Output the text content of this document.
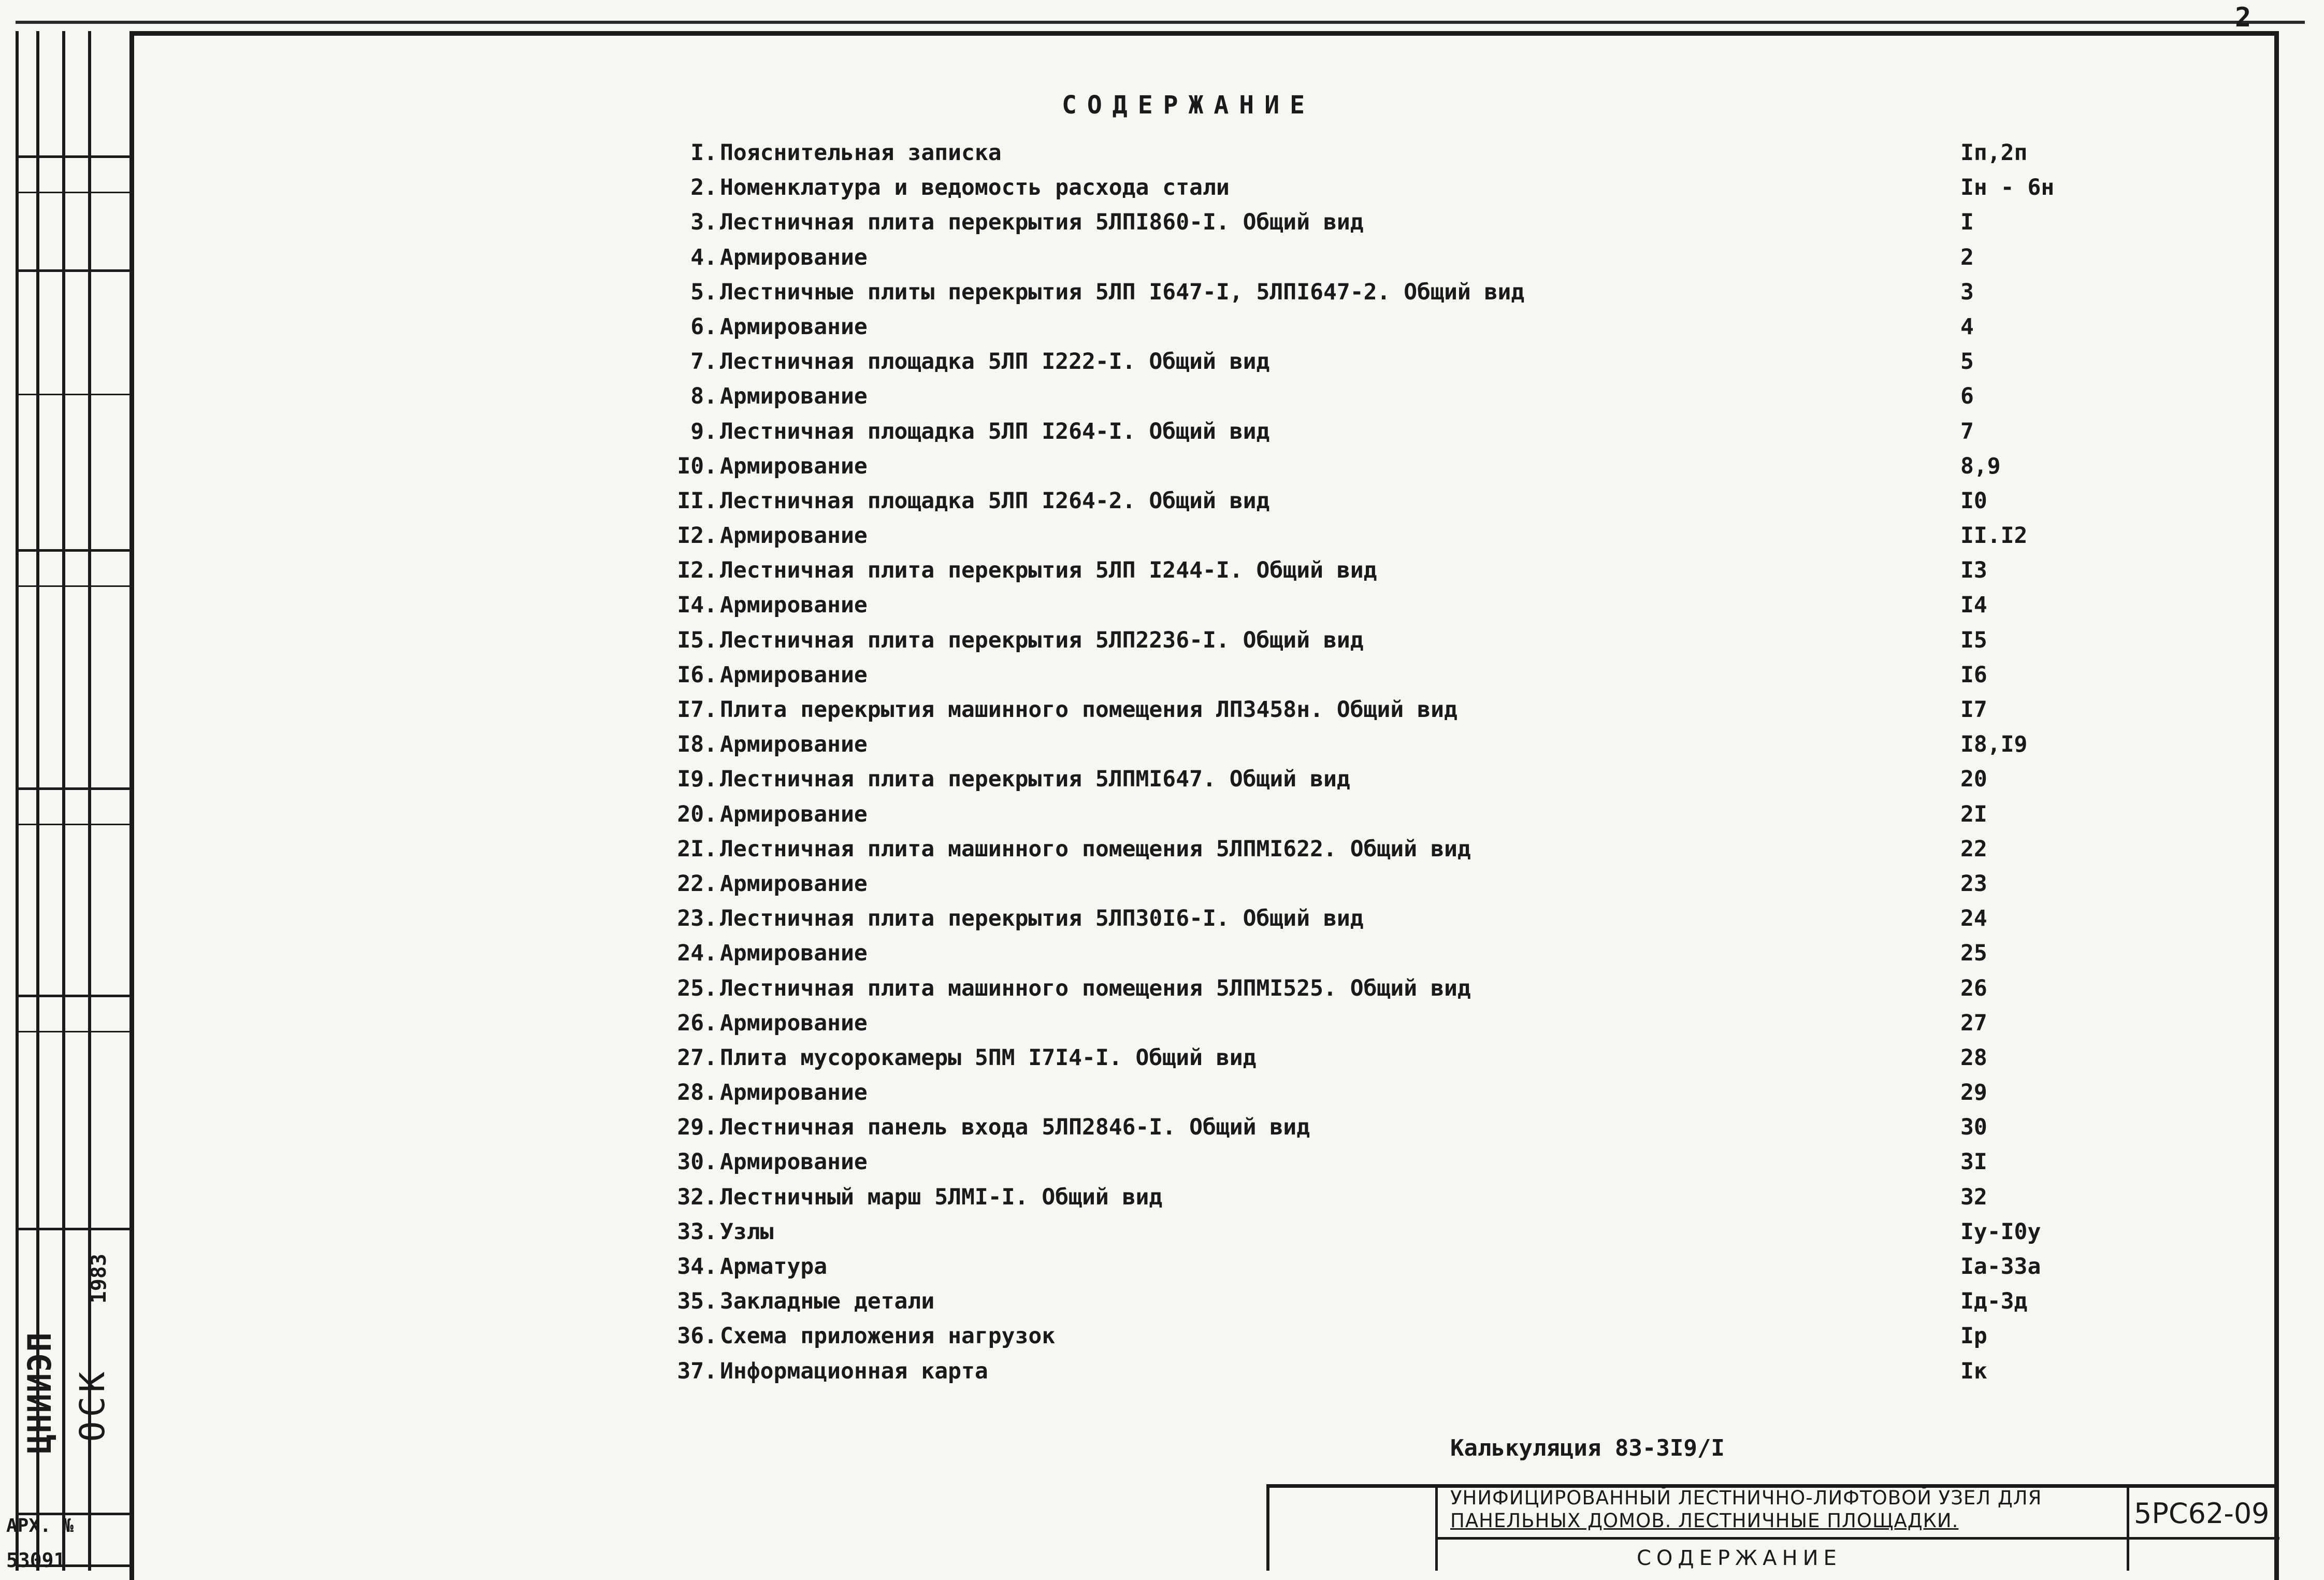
2
1983
ЦНИИЭП ОСК
АРХ. №
53091
СОДЕРЖАНИЕ
I. Пояснительная записка	Iп,2п
2. Номенклатура и ведомость расхода стали	Iн - 6н
3. Лестничная плита перекрытия 5ЛПI860-I. Общий вид	I
4. Армирование	2
5. Лестничные плиты перекрытия 5ЛП I647-I, 5ЛПI647-2. Общий вид	3
6. Армирование	4
7. Лестничная площадка 5ЛП I222-I. Общий вид	5
8. Армирование	6
9. Лестничная площадка 5ЛП I264-I. Общий вид	7
I0. Армирование	8,9
II. Лестничная площадка 5ЛП I264-2. Общий вид	I0
I2. Армирование	II.I2
I2. Лестничная плита перекрытия 5ЛП I244-I. Общий вид	I3
I4. Армирование	I4
I5. Лестничная плита перекрытия 5ЛП2236-I. Общий вид	I5
I6. Армирование	I6
I7. Плита перекрытия машинного помещения ЛП3458н. Общий вид	I7
I8. Армирование	I8,I9
I9. Лестничная плита перекрытия 5ЛПМI647. Общий вид	20
20. Армирование	2I
2I. Лестничная плита машинного помещения 5ЛПМI622. Общий вид	22
22. Армирование	23
23. Лестничная плита перекрытия 5ЛП30I6-I. Общий вид	24
24. Армирование	25
25. Лестничная плита машинного помещения 5ЛПМI525. Общий вид	26
26. Армирование	27
27. Плита мусорокамеры 5ПМ I7I4-I. Общий вид	28
28. Армирование	29
29. Лестничная панель входа 5ЛП2846-I. Общий вид	30
30. Армирование	3I
32. Лестничный марш 5ЛМI-I. Общий вид	32
33. Узлы	Iу-I0у
34. Арматура	Iа-33а
35. Закладные детали	Iд-3д
36. Схема приложения нагрузок	Iр
37. Информационная карта	Iк
Калькуляция 83-3I9/I
УНИФИЦИРОВАННЫЙ ЛЕСТНИЧНО-ЛИФТОВОЙ УЗЕЛ ДЛЯ
ПАНЕЛЬНЫХ ДОМОВ. ЛЕСТНИЧНЫЕ ПЛОЩАДКИ.	5РС62-09
СОДЕРЖАНИЕ
